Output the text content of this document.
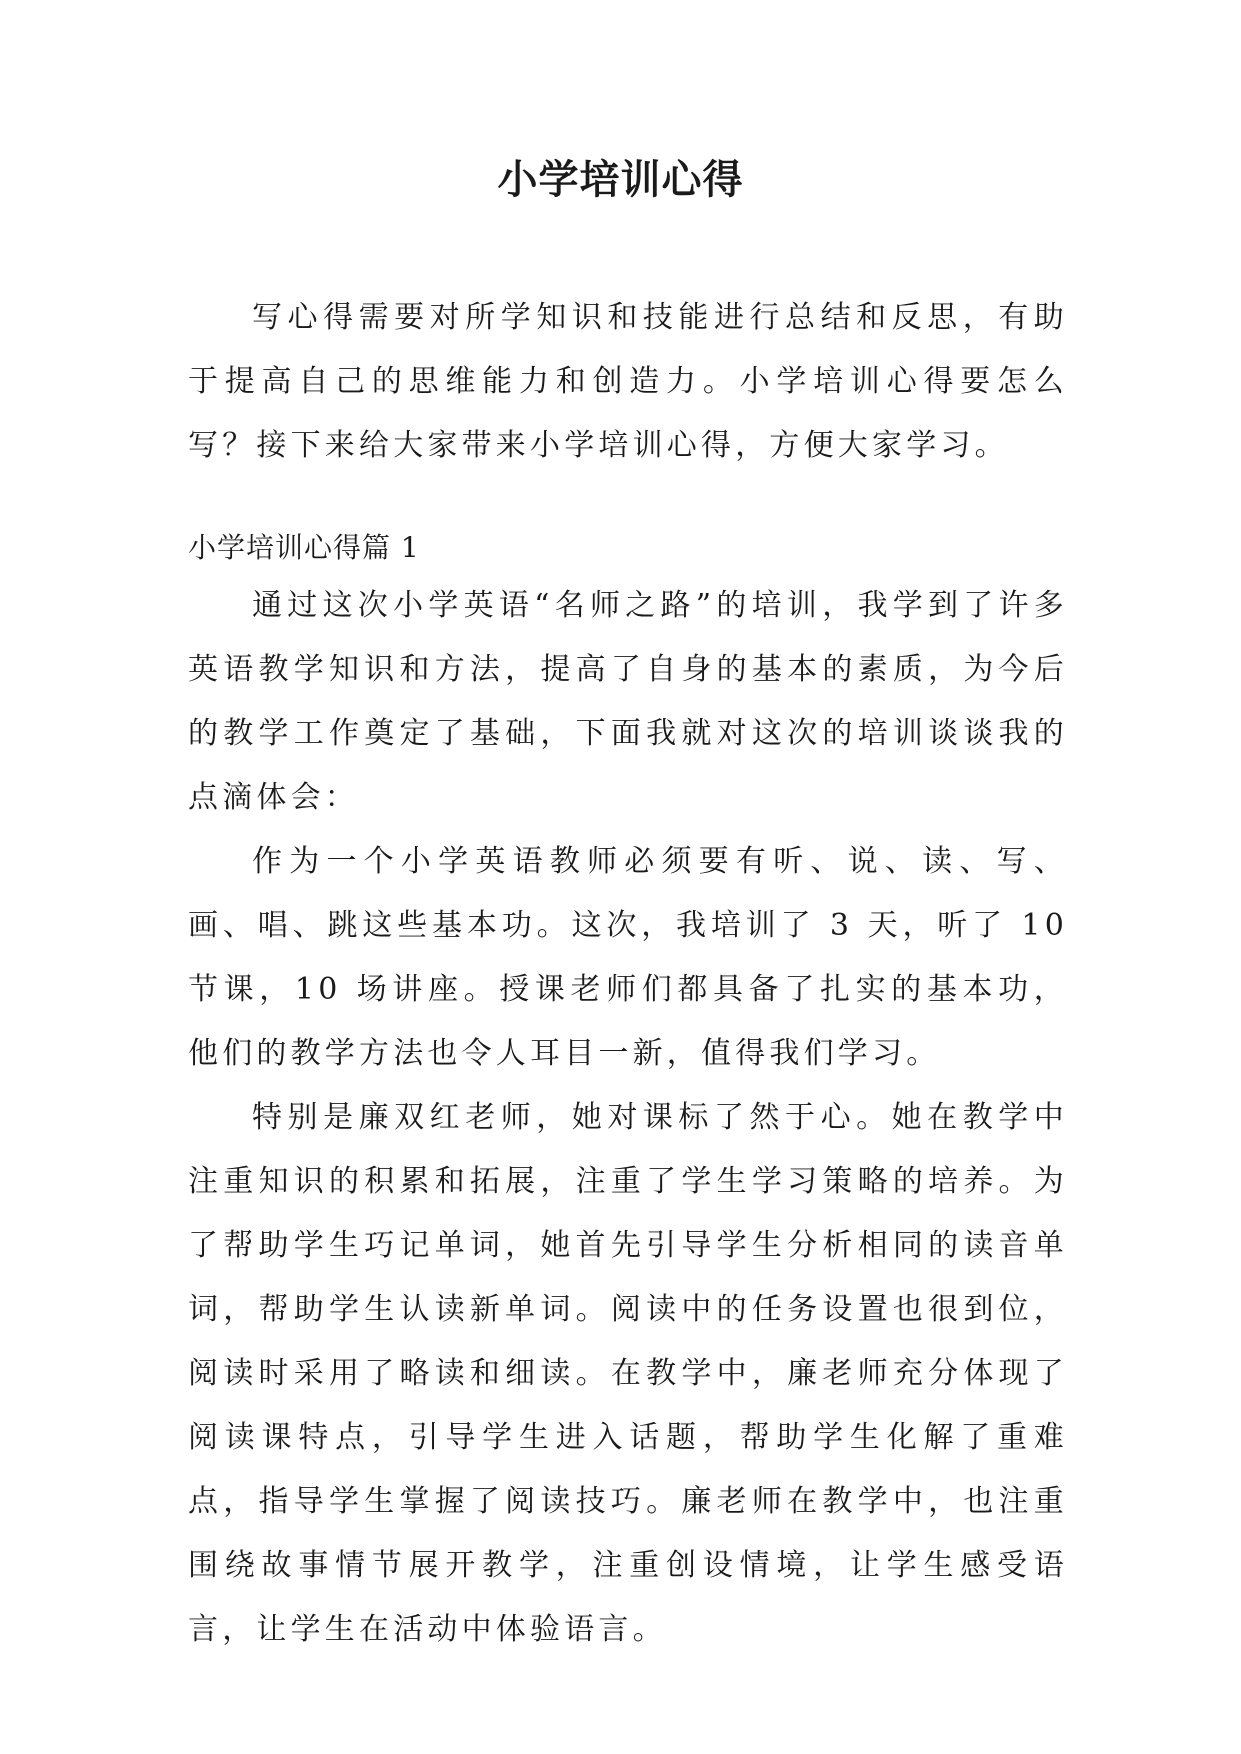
小学培训心得

写心得需要对所学知识和技能进行总结和反思，有助于提高自己的思维能力和创造力。小学培训心得要怎么写？接下来给大家带来小学培训心得，方便大家学习。

小学培训心得篇 1

通过这次小学英语“名师之路”的培训，我学到了许多英语教学知识和方法，提高了自身的基本的素质，为今后的教学工作奠定了基础，下面我就对这次的培训谈谈我的点滴体会：

作为一个小学英语教师必须要有听、说、读、写、画、唱、跳这些基本功。这次，我培训了 3 天，听了 10 节课，10 场讲座。授课老师们都具备了扎实的基本功，他们的教学方法也令人耳目一新，值得我们学习。

特别是廉双红老师，她对课标了然于心。她在教学中注重知识的积累和拓展，注重了学生学习策略的培养。为了帮助学生巧记单词，她首先引导学生分析相同的读音单词，帮助学生认读新单词。阅读中的任务设置也很到位，阅读时采用了略读和细读。在教学中，廉老师充分体现了阅读课特点，引导学生进入话题，帮助学生化解了重难点，指导学生掌握了阅读技巧。廉老师在教学中，也注重围绕故事情节展开教学，注重创设情境，让学生感受语言，让学生在活动中体验语言。
